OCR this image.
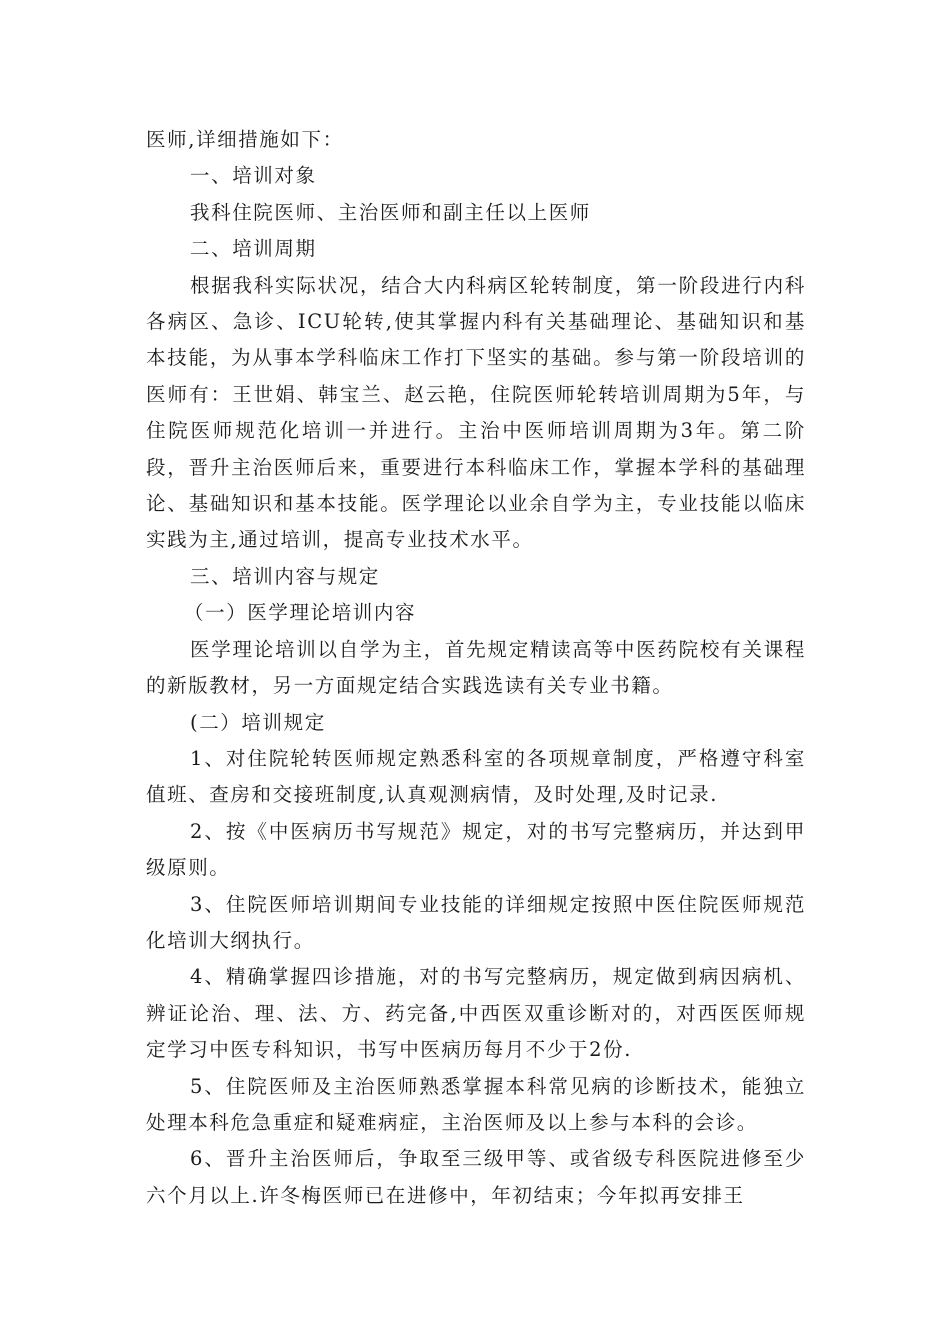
医师,详细措施如下：

一、培训对象

我科住院医师、主治医师和副主任以上医师

二、培训周期

根据我科实际状况，结合大内科病区轮转制度，第一阶段进行内科各病区、急诊、ICU轮转,使其掌握内科有关基础理论、基础知识和基本技能，为从事本学科临床工作打下坚实的基础。参与第一阶段培训的医师有：王世娟、韩宝兰、赵云艳，住院医师轮转培训周期为5年，与住院医师规范化培训一并进行。主治中医师培训周期为3年。第二阶段，晋升主治医师后来，重要进行本科临床工作，掌握本学科的基础理论、基础知识和基本技能。医学理论以业余自学为主，专业技能以临床实践为主,通过培训，提高专业技术水平。

三、培训内容与规定

（一）医学理论培训内容

医学理论培训以自学为主，首先规定精读高等中医药院校有关课程的新版教材，另一方面规定结合实践选读有关专业书籍。

(二）培训规定

1、对住院轮转医师规定熟悉科室的各项规章制度，严格遵守科室值班、查房和交接班制度,认真观测病情，及时处理,及时记录.

2、按《中医病历书写规范》规定，对的书写完整病历，并达到甲级原则。

3、住院医师培训期间专业技能的详细规定按照中医住院医师规范化培训大纲执行。

4、精确掌握四诊措施，对的书写完整病历，规定做到病因病机、辨证论治、理、法、方、药完备,中西医双重诊断对的，对西医医师规定学习中医专科知识，书写中医病历每月不少于2份.

5、住院医师及主治医师熟悉掌握本科常见病的诊断技术，能独立处理本科危急重症和疑难病症，主治医师及以上参与本科的会诊。

6、晋升主治医师后，争取至三级甲等、或省级专科医院进修至少六个月以上.许冬梅医师已在进修中，年初结束；今年拟再安排王
